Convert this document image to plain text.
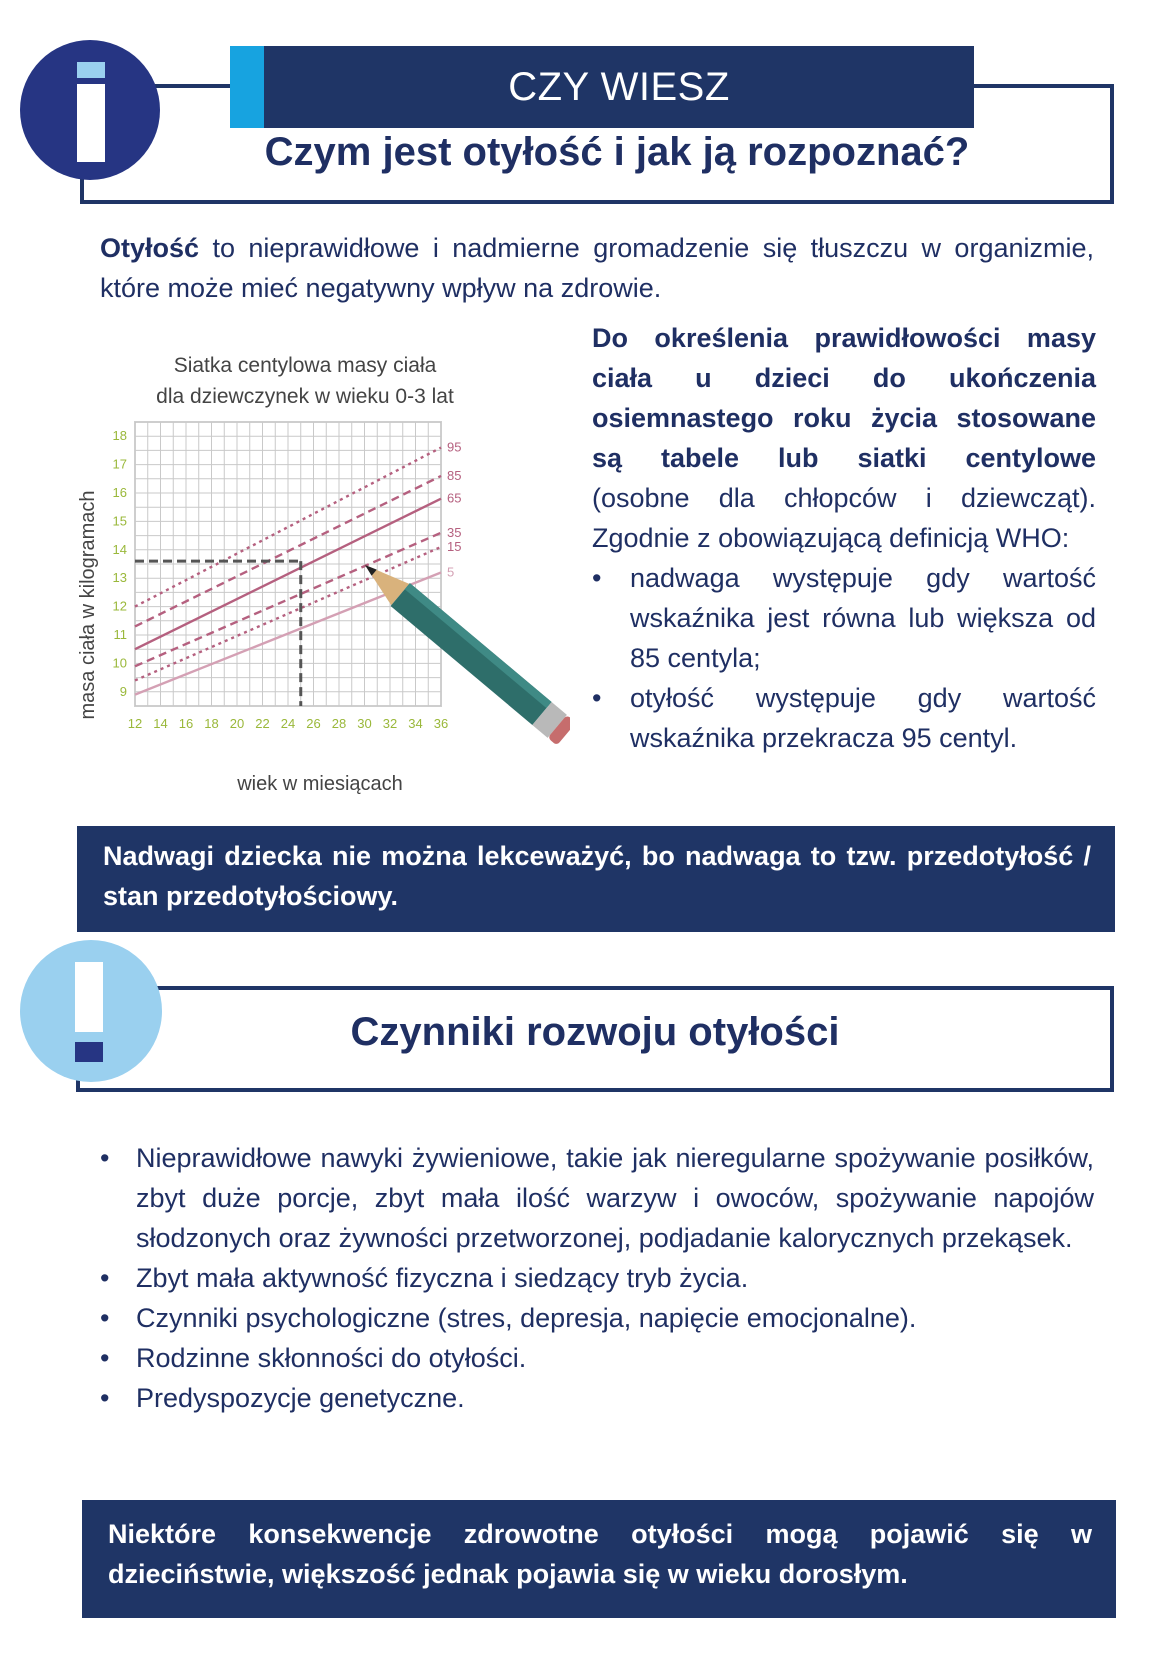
CZY WIESZ
Czym jest otyłość i jak ją rozpoznać?
Otyłość to nieprawidłowe i nadmierne gromadzenie się tłuszczu w organizmie, które może mieć negatywny wpływ na zdrowie.
Siatka centylowa masy ciała
dla dziewczynek w wieku 0-3 lat
12 14 16 18 20 22 24 26 28 30 32 34 36
9
10
11
12
13
14
15
16
17
18
95
85
65
35
15
5
wiek w miesiącach
masa ciała w kilogramach
Do określenia prawidłowości masy ciała u dzieci do ukończenia osiemnastego roku życia stosowane są tabele lub siatki centylowe
(osobne dla chłopców i dziewcząt). Zgodnie z obowiązującą definicją WHO:
• nadwaga występuje gdy wartość wskaźnika jest równa lub większa od 85 centyla;
• otyłość występuje gdy wartość wskaźnika przekracza 95 centyl.
Nadwagi dziecka nie można lekceważyć, bo nadwaga to tzw. przedotyłość / stan przedotyłościowy.
Czynniki rozwoju otyłości
• Nieprawidłowe nawyki żywieniowe, takie jak nieregularne spożywanie posiłków, zbyt duże porcje, zbyt mała ilość warzyw i owoców, spożywanie napojów słodzonych oraz żywności przetworzonej, podjadanie kalorycznych przekąsek.
• Zbyt mała aktywność fizyczna i siedzący tryb życia.
• Czynniki psychologiczne (stres, depresja, napięcie emocjonalne).
• Rodzinne skłonności do otyłości.
• Predyspozycje genetyczne.
Niektóre konsekwencje zdrowotne otyłości mogą pojawić się w dzieciństwie, większość jednak pojawia się w wieku dorosłym.
